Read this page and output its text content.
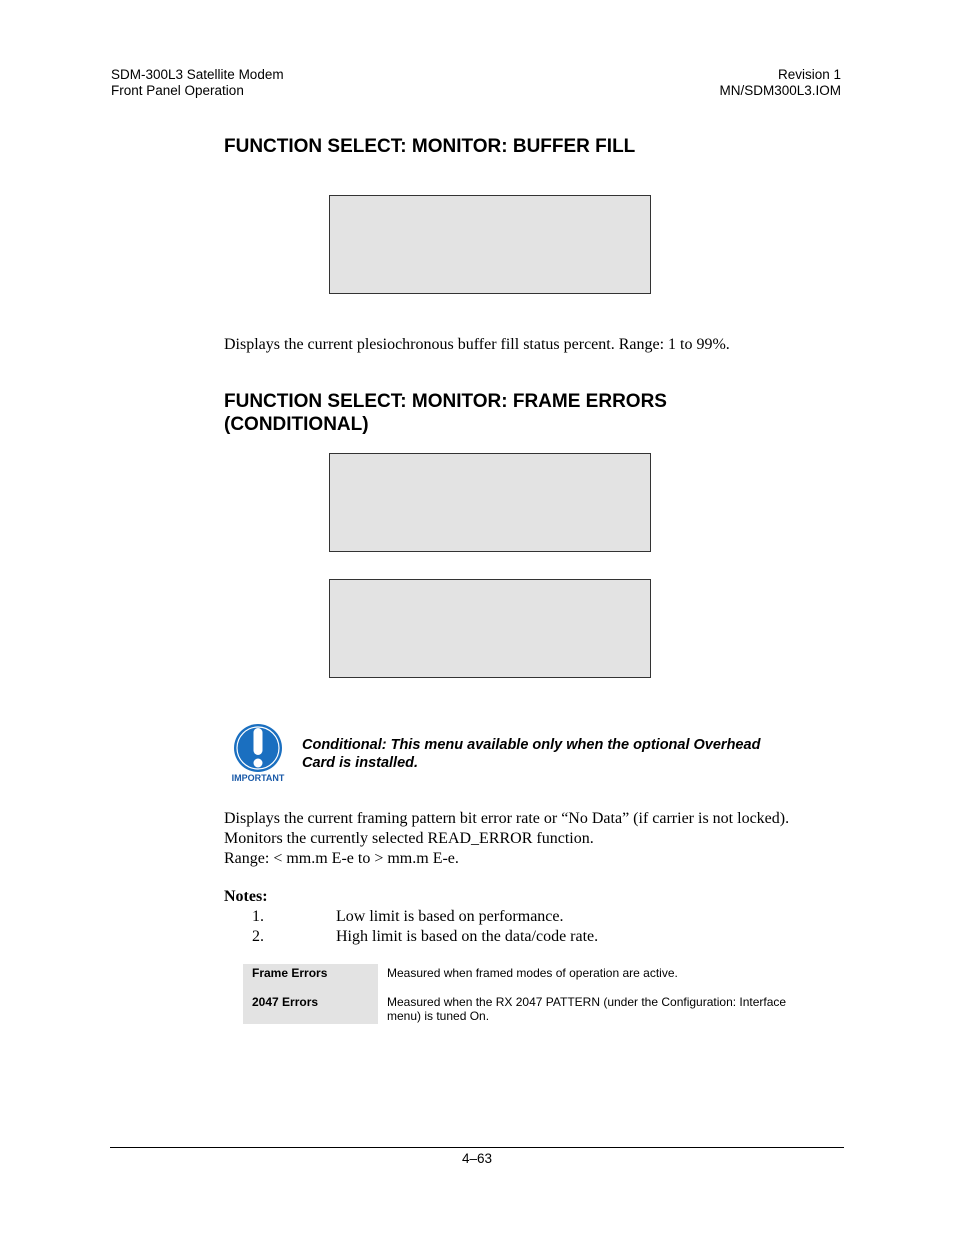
SDM-300L3 Satellite Modem
Front Panel Operation
Revision 1
MN/SDM300L3.IOM
FUNCTION SELECT: MONITOR: BUFFER FILL

Displays the current plesiochronous buffer fill status percent. Range: 1 to 99%.

FUNCTION SELECT: MONITOR: FRAME ERRORS
(CONDITIONAL)
IMPORTANT
Conditional: This menu available only when the optional Overhead
Card is installed.
Displays the current framing pattern bit error rate or “No Data” (if carrier is not locked).
Monitors the currently selected READ_ERROR function.
Range: < mm.m E-e to > mm.m E-e.
Notes:
1.	Low limit is based on performance.
2.	High limit is based on the data/code rate.
Frame Errors	Measured when framed modes of operation are active.
2047 Errors	Measured when the RX 2047 PATTERN (under the Configuration: Interface
menu) is tuned On.
4–63
